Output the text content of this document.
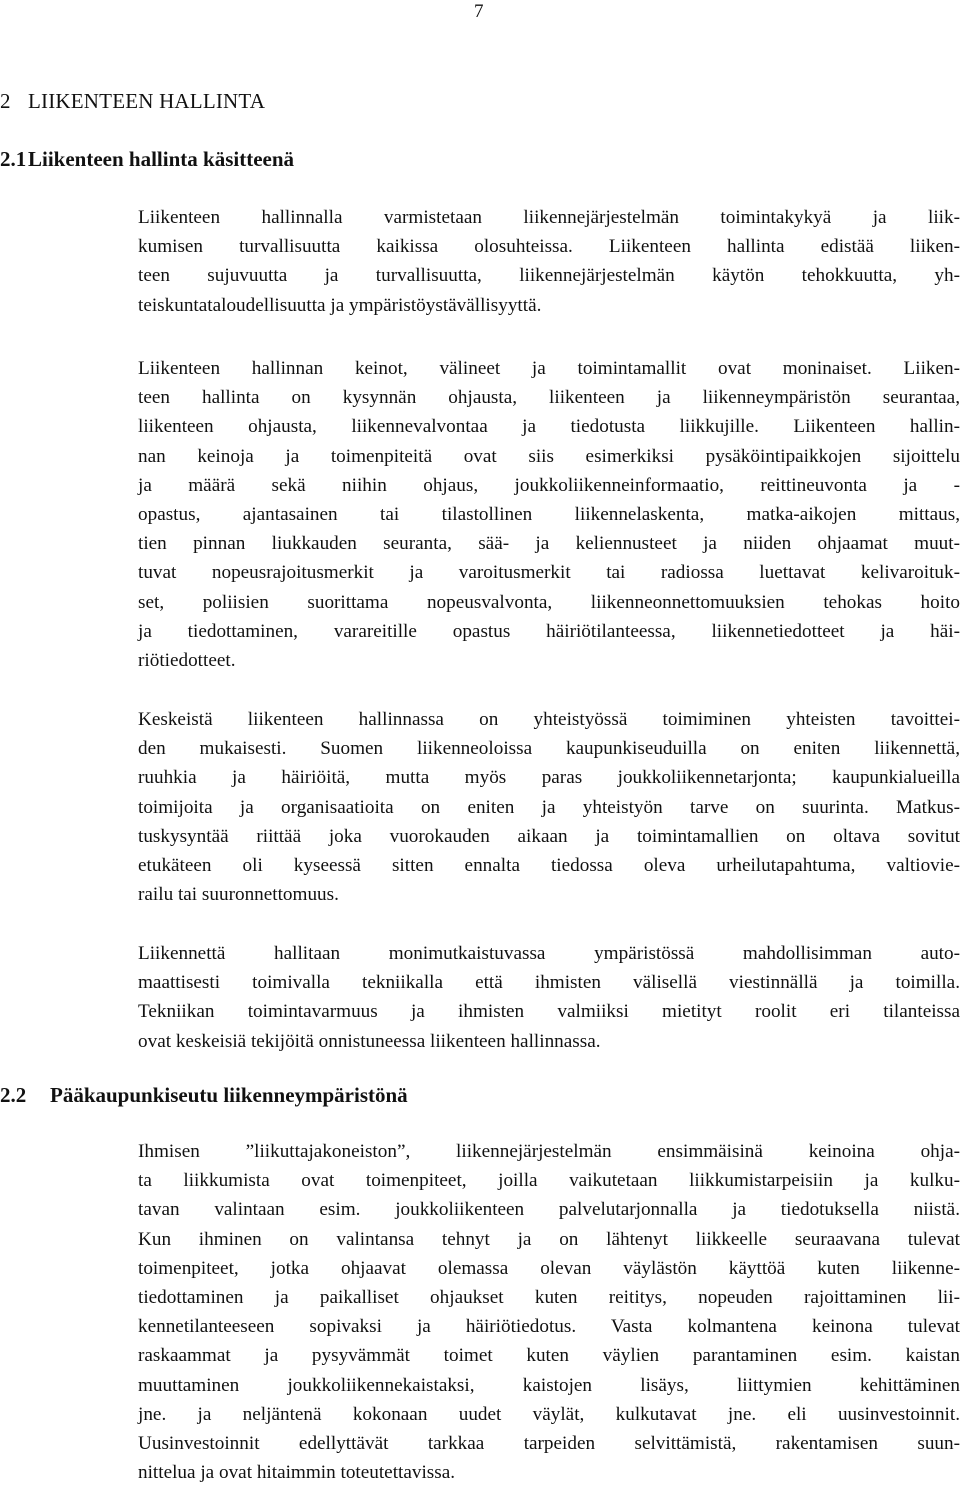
7
2 LIIKENTEEN HALLINTA
2.1Liikenteen hallinta käsitteenä

Liikenteen hallinnalla varmistetaan liikennejärjestelmän toimintakykyä ja liik-
kumisen turvallisuutta kaikissa olosuhteissa. Liikenteen hallinta edistää liiken-
teen sujuvuutta ja turvallisuutta, liikennejärjestelmän käytön tehokkuutta, yh-
teiskuntataloudellisuutta ja ympäristöystävällisyyttä.

Liikenteen hallinnan keinot, välineet ja toimintamallit ovat moninaiset. Liiken-
teen hallinta on kysynnän ohjausta, liikenteen ja liikenneympäristön seurantaa,
liikenteen ohjausta, liikennevalvontaa ja tiedotusta liikkujille. Liikenteen hallin-
nan keinoja ja toimenpiteitä ovat siis esimerkiksi pysäköintipaikkojen sijoittelu
ja määrä sekä niihin ohjaus, joukkoliikenneinformaatio, reittineuvonta ja -
opastus, ajantasainen tai tilastollinen liikennelaskenta, matka-aikojen mittaus,
tien pinnan liukkauden seuranta, sää- ja keliennusteet ja niiden ohjaamat muut-
tuvat nopeusrajoitusmerkit ja varoitusmerkit tai radiossa luettavat kelivaroituk-
set, poliisien suorittama nopeusvalvonta, liikenneonnettomuuksien tehokas hoito
ja tiedottaminen, varareitille opastus häiriötilanteessa, liikennetiedotteet ja häi-
riötiedotteet.

Keskeistä liikenteen hallinnassa on yhteistyössä toimiminen yhteisten tavoittei-
den mukaisesti. Suomen liikenneoloissa kaupunkiseuduilla on eniten liikennettä,
ruuhkia ja häiriöitä, mutta myös paras joukkoliikennetarjonta; kaupunkialueilla
toimijoita ja organisaatioita on eniten ja yhteistyön tarve on suurinta. Matkus-
tuskysyntää riittää joka vuorokauden aikaan ja toimintamallien on oltava sovitut
etukäteen oli kyseessä sitten ennalta tiedossa oleva urheilutapahtuma, valtiovie-
railu tai suuronnettomuus.

Liikennettä hallitaan monimutkaistuvassa ympäristössä mahdollisimman auto-
maattisesti toimivalla tekniikalla että ihmisten välisellä viestinnällä ja toimilla.
Tekniikan toimintavarmuus ja ihmisten valmiiksi mietityt roolit eri tilanteissa
ovat keskeisiä tekijöitä onnistuneessa liikenteen hallinnassa.

2.2 Pääkaupunkiseutu liikenneympäristönä

Ihmisen ”liikuttajakoneiston”, liikennejärjestelmän ensimmäisinä keinoina ohja-
ta liikkumista ovat toimenpiteet, joilla vaikutetaan liikkumistarpeisiin ja kulku-
tavan valintaan esim. joukkoliikenteen palvelutarjonnalla ja tiedotuksella niistä.
Kun ihminen on valintansa tehnyt ja on lähtenyt liikkeelle seuraavana tulevat
toimenpiteet, jotka ohjaavat olemassa olevan väylästön käyttöä kuten liikenne-
tiedottaminen ja paikalliset ohjaukset kuten reititys, nopeuden rajoittaminen lii-
kennetilanteeseen sopivaksi ja häiriötiedotus. Vasta kolmantena keinona tulevat
raskaammat ja pysyvämmät toimet kuten väylien parantaminen esim. kaistan
muuttaminen joukkoliikennekaistaksi, kaistojen lisäys, liittymien kehittäminen
jne. ja neljäntenä kokonaan uudet väylät, kulkutavat jne. eli uusinvestoinnit.
Uusinvestoinnit edellyttävät tarkkaa tarpeiden selvittämistä, rakentamisen suun-
nittelua ja ovat hitaimmin toteutettavissa.
